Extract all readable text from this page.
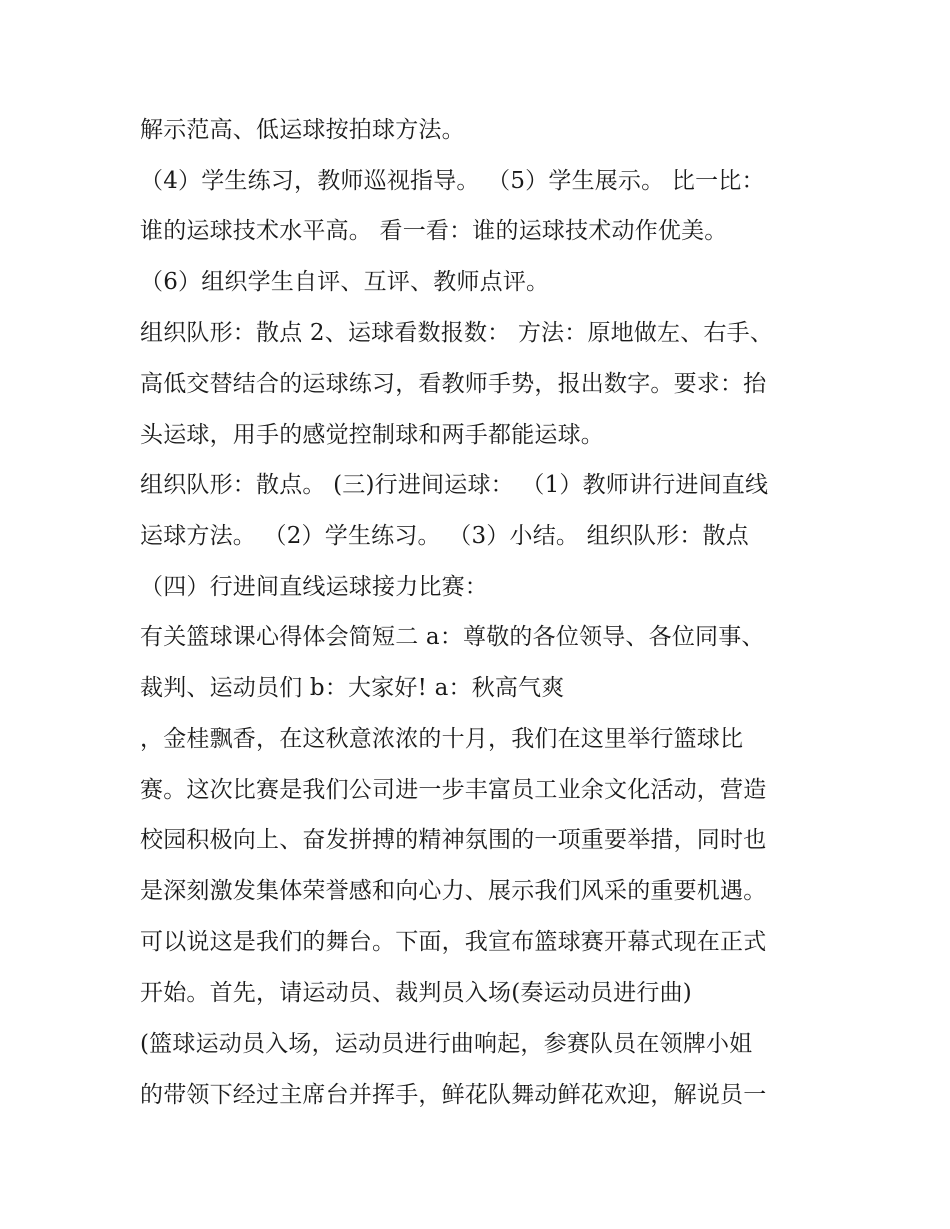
解示范高、低运球按拍球方法。
（4）学生练习，教师巡视指导。 （5）学生展示。 比一比：
谁的运球技术水平高。 看一看：谁的运球技术动作优美。
（6）组织学生自评、互评、教师点评。
组织队形：散点 2、运球看数报数： 方法：原地做左、右手、
高低交替结合的运球练习，看教师手势，报出数字。要求：抬
头运球，用手的感觉控制球和两手都能运球。
组织队形：散点。 (三)行进间运球： （1）教师讲行进间直线
运球方法。 （2）学生练习。 （3）小结。 组织队形：散点
（四）行进间直线运球接力比赛：
有关篮球课心得体会简短二 a：尊敬的各位领导、各位同事、
裁判、运动员们 b：大家好! a：秋高气爽
，金桂飘香，在这秋意浓浓的十月，我们在这里举行篮球比
赛。这次比赛是我们公司进一步丰富员工业余文化活动，营造
校园积极向上、奋发拼搏的精神氛围的一项重要举措，同时也
是深刻激发集体荣誉感和向心力、展示我们风采的重要机遇。
可以说这是我们的舞台。下面，我宣布篮球赛开幕式现在正式
开始。首先，请运动员、裁判员入场(奏运动员进行曲)
(篮球运动员入场，运动员进行曲响起，参赛队员在领牌小姐
的带领下经过主席台并挥手，鲜花队舞动鲜花欢迎，解说员一
